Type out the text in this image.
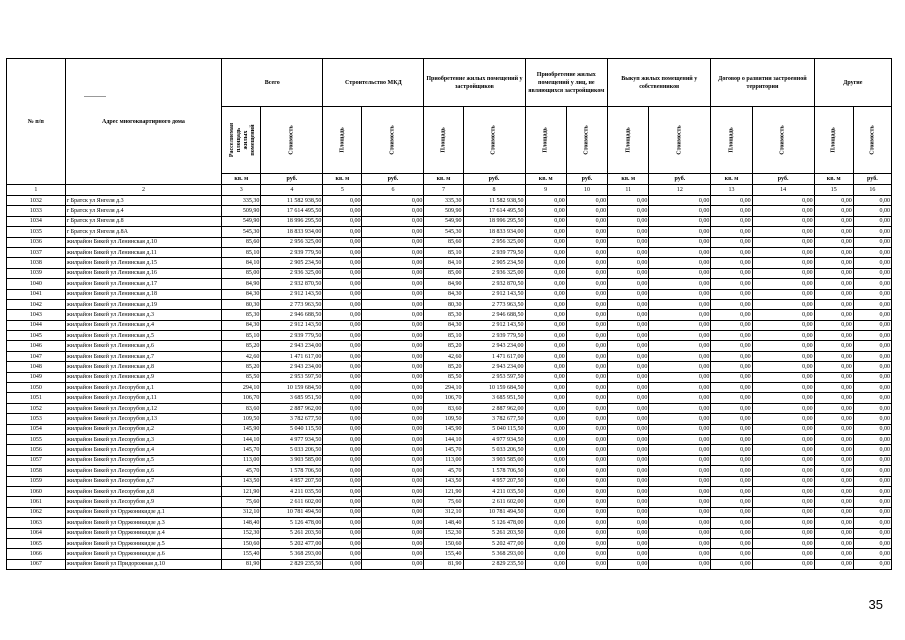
№ п/п	Адрес многоквартирного дома	Всего		Строительство МКД		Приобретение жилых помещений у застройщиков		Приобретение жилых помещений у лиц, не являющихся застройщиком		Выкуп жилых помещений у собственников		Договор о развитии застроенной территории		Другие	
		Расселяемая площадь жилых помещений	Стоимость	Площадь	Стоимость	Площадь	Стоимость	Площадь	Стоимость	Площадь	Стоимость	Площадь	Стоимость	Площадь	Стоимость
		кв. м	руб.	кв. м	руб.	кв. м	руб.	кв. м	руб.	кв. м	руб.	кв. м	руб.	кв. м	руб.
1	2	3	4	5	6	7	8	9	10	11	12	13	14	15	16
1032	г Братск ул Янгеля д.3	335,30	11 582 938,50	0,00	0,00	335,30	11 582 938,50	0,00	0,00	0,00	0,00	0,00	0,00	0,00	0,00
1033	г Братск ул Янгеля д.4	509,90	17 614 495,50	0,00	0,00	509,90	17 614 495,50	0,00	0,00	0,00	0,00	0,00	0,00	0,00	0,00
1034	г Братск ул Янгеля д.8	549,90	18 996 295,50	0,00	0,00	549,90	18 996 295,50	0,00	0,00	0,00	0,00	0,00	0,00	0,00	0,00
1035	г Братск ул Янгеля д.8А	545,30	18 833 934,00	0,00	0,00	545,30	18 833 934,00	0,00	0,00	0,00	0,00	0,00	0,00	0,00	0,00
1036	жилрайон Бикей ул Ленинская д.10	85,60	2 956 325,00	0,00	0,00	85,60	2 956 325,00	0,00	0,00	0,00	0,00	0,00	0,00	0,00	0,00
1037	жилрайон Бикей ул Ленинская д.11	85,10	2 939 779,50	0,00	0,00	85,10	2 939 779,50	0,00	0,00	0,00	0,00	0,00	0,00	0,00	0,00
1038	жилрайон Бикей ул Ленинская д.15	84,10	2 905 234,50	0,00	0,00	84,10	2 905 234,50	0,00	0,00	0,00	0,00	0,00	0,00	0,00	0,00
1039	жилрайон Бикей ул Ленинская д.16	85,00	2 936 325,00	0,00	0,00	85,00	2 936 325,00	0,00	0,00	0,00	0,00	0,00	0,00	0,00	0,00
1040	жилрайон Бикей ул Ленинская д.17	84,90	2 932 870,50	0,00	0,00	84,90	2 932 870,50	0,00	0,00	0,00	0,00	0,00	0,00	0,00	0,00
1041	жилрайон Бикей ул Ленинская д.18	84,30	2 912 143,50	0,00	0,00	84,30	2 912 143,50	0,00	0,00	0,00	0,00	0,00	0,00	0,00	0,00
1042	жилрайон Бикей ул Ленинская д.19	80,30	2 773 963,50	0,00	0,00	80,30	2 773 963,50	0,00	0,00	0,00	0,00	0,00	0,00	0,00	0,00
1043	жилрайон Бикей ул Ленинская д.3	85,30	2 946 688,50	0,00	0,00	85,30	2 946 688,50	0,00	0,00	0,00	0,00	0,00	0,00	0,00	0,00
1044	жилрайон Бикей ул Ленинская д.4	84,30	2 912 143,50	0,00	0,00	84,30	2 912 143,50	0,00	0,00	0,00	0,00	0,00	0,00	0,00	0,00
1045	жилрайон Бикей ул Ленинская д.5	85,10	2 939 779,50	0,00	0,00	85,10	2 939 779,50	0,00	0,00	0,00	0,00	0,00	0,00	0,00	0,00
1046	жилрайон Бикей ул Ленинская д.6	85,20	2 943 234,00	0,00	0,00	85,20	2 943 234,00	0,00	0,00	0,00	0,00	0,00	0,00	0,00	0,00
1047	жилрайон Бикей ул Ленинская д.7	42,60	1 471 617,00	0,00	0,00	42,60	1 471 617,00	0,00	0,00	0,00	0,00	0,00	0,00	0,00	0,00
1048	жилрайон Бикей ул Ленинская д.8	85,20	2 943 234,00	0,00	0,00	85,20	2 943 234,00	0,00	0,00	0,00	0,00	0,00	0,00	0,00	0,00
1049	жилрайон Бикей ул Ленинская д.9	85,50	2 953 597,50	0,00	0,00	85,50	2 953 597,50	0,00	0,00	0,00	0,00	0,00	0,00	0,00	0,00
1050	жилрайон Бикей ул Лесорубов д.1	294,10	10 159 684,50	0,00	0,00	294,10	10 159 684,50	0,00	0,00	0,00	0,00	0,00	0,00	0,00	0,00
1051	жилрайон Бикей ул Лесорубов д.11	106,70	3 685 951,50	0,00	0,00	106,70	3 685 951,50	0,00	0,00	0,00	0,00	0,00	0,00	0,00	0,00
1052	жилрайон Бикей ул Лесорубов д.12	83,60	2 887 962,00	0,00	0,00	83,60	2 887 962,00	0,00	0,00	0,00	0,00	0,00	0,00	0,00	0,00
1053	жилрайон Бикей ул Лесорубов д.13	109,50	3 782 677,50	0,00	0,00	109,50	3 782 677,50	0,00	0,00	0,00	0,00	0,00	0,00	0,00	0,00
1054	жилрайон Бикей ул Лесорубов д.2	145,90	5 040 115,50	0,00	0,00	145,90	5 040 115,50	0,00	0,00	0,00	0,00	0,00	0,00	0,00	0,00
1055	жилрайон Бикей ул Лесорубов д.3	144,10	4 977 934,50	0,00	0,00	144,10	4 977 934,50	0,00	0,00	0,00	0,00	0,00	0,00	0,00	0,00
1056	жилрайон Бикей ул Лесорубов д.4	145,70	5 033 206,50	0,00	0,00	145,70	5 033 206,50	0,00	0,00	0,00	0,00	0,00	0,00	0,00	0,00
1057	жилрайон Бикей ул Лесорубов д.5	113,00	3 903 585,00	0,00	0,00	113,00	3 903 585,00	0,00	0,00	0,00	0,00	0,00	0,00	0,00	0,00
1058	жилрайон Бикей ул Лесорубов д.6	45,70	1 578 706,50	0,00	0,00	45,70	1 578 706,50	0,00	0,00	0,00	0,00	0,00	0,00	0,00	0,00
1059	жилрайон Бикей ул Лесорубов д.7	143,50	4 957 207,50	0,00	0,00	143,50	4 957 207,50	0,00	0,00	0,00	0,00	0,00	0,00	0,00	0,00
1060	жилрайон Бикей ул Лесорубов д.8	121,90	4 211 035,50	0,00	0,00	121,90	4 211 035,50	0,00	0,00	0,00	0,00	0,00	0,00	0,00	0,00
1061	жилрайон Бикей ул Лесорубов д.9	75,60	2 611 602,00	0,00	0,00	75,60	2 611 602,00	0,00	0,00	0,00	0,00	0,00	0,00	0,00	0,00
1062	жилрайон Бикей ул Орджоникидзе д.1	312,10	10 781 494,50	0,00	0,00	312,10	10 781 494,50	0,00	0,00	0,00	0,00	0,00	0,00	0,00	0,00
1063	жилрайон Бикей ул Орджоникидзе д.3	148,40	5 126 478,00	0,00	0,00	148,40	5 126 478,00	0,00	0,00	0,00	0,00	0,00	0,00	0,00	0,00
1064	жилрайон Бикей ул Орджоникидзе д.4	152,30	5 261 203,50	0,00	0,00	152,30	5 261 203,50	0,00	0,00	0,00	0,00	0,00	0,00	0,00	0,00
1065	жилрайон Бикей ул Орджоникидзе д.5	150,60	5 202 477,00	0,00	0,00	150,60	5 202 477,00	0,00	0,00	0,00	0,00	0,00	0,00	0,00	0,00
1066	жилрайон Бикей ул Орджоникидзе д.6	155,40	5 368 293,00	0,00	0,00	155,40	5 368 293,00	0,00	0,00	0,00	0,00	0,00	0,00	0,00	0,00
1067	жилрайон Бикей ул Придорожная д.10	81,90	2 829 235,50	0,00	0,00	81,90	2 829 235,50	0,00	0,00	0,00	0,00	0,00	0,00	0,00	0,00
35
